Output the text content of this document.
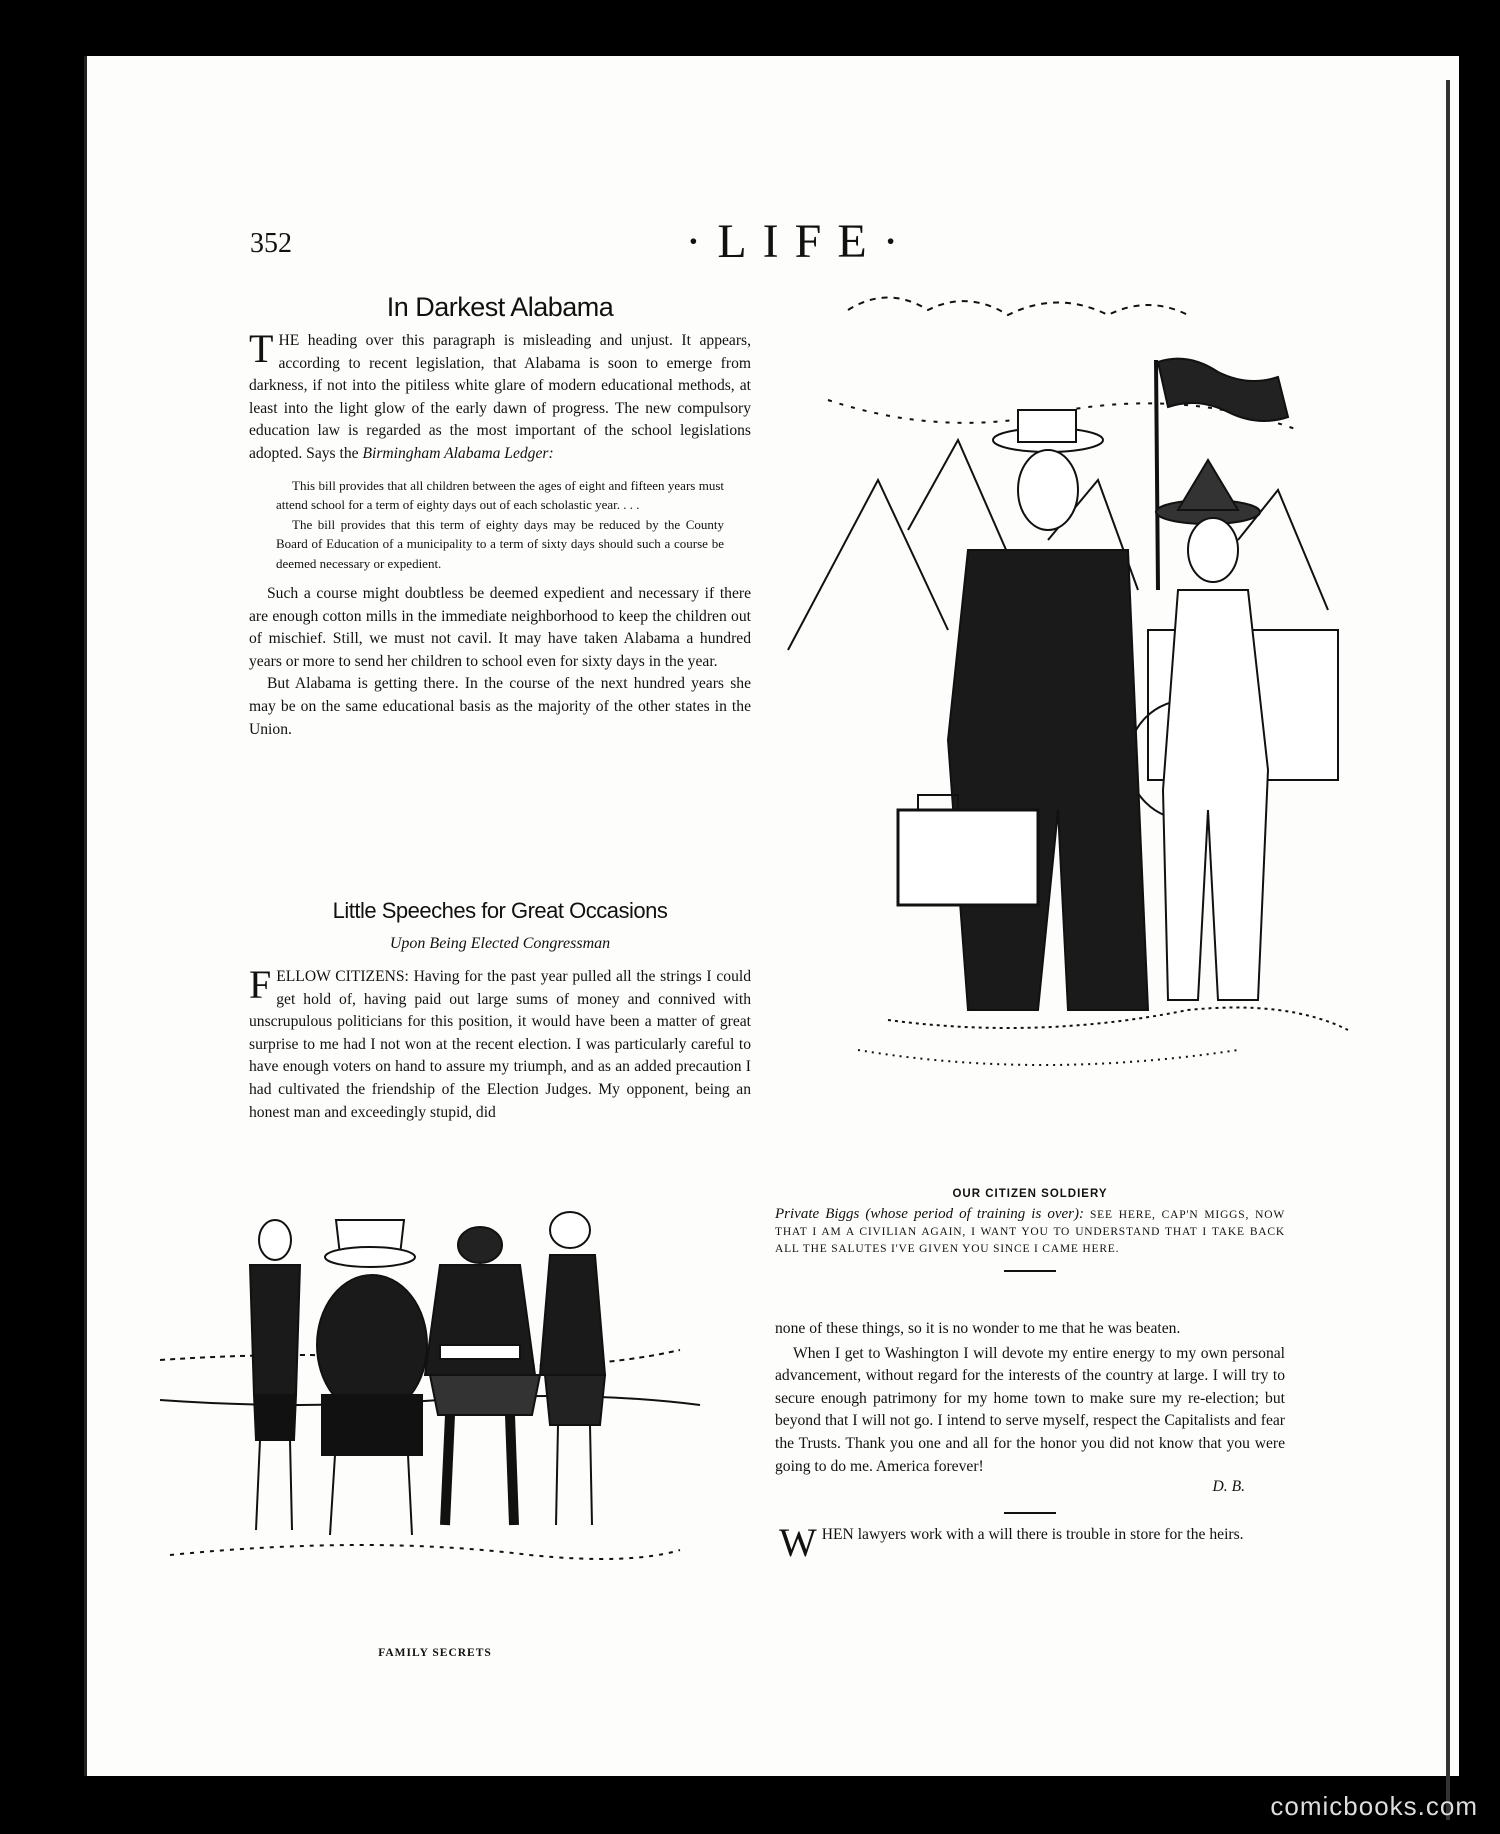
352	·LIFE·
In Darkest Alabama

THE heading over this paragraph is misleading and unjust. It appears, according to recent legislation, that Alabama is soon to emerge from darkness, if not into the pitiless white glare of modern educational methods, at least into the light glow of the early dawn of progress. The new compulsory education law is regarded as the most important of the school legislations adopted. Says the Birmingham Alabama Ledger:

This bill provides that all children between the ages of eight and fifteen years must attend school for a term of eighty days out of each scholastic year. . . .
The bill provides that this term of eighty days may be reduced by the County Board of Education of a municipality to a term of sixty days should such a course be deemed necessary or expedient.

Such a course might doubtless be deemed expedient and necessary if there are enough cotton mills in the immediate neighborhood to keep the children out of mischief. Still, we must not cavil. It may have taken Alabama a hundred years or more to send her children to school even for sixty days in the year.

But Alabama is getting there. In the course of the next hundred years she may be on the same educational basis as the majority of the other states in the Union.

Little Speeches for Great Occasions
Upon Being Elected Congressman

FELLOW CITIZENS: Having for the past year pulled all the strings I could get hold of, having paid out large sums of money and connived with unscrupulous politicians for this position, it would have been a matter of great surprise to me had I not won at the recent election. I was particularly careful to have enough voters on hand to assure my triumph, and as an added precaution I had cultivated the friendship of the Election Judges. My opponent, being an honest man and exceedingly stupid, did

OUR CITIZEN SOLDIERY
Private Biggs (whose period of training is over): SEE HERE, CAP'N MIGGS, NOW THAT I AM A CIVILIAN AGAIN, I WANT YOU TO UNDERSTAND THAT I TAKE BACK ALL THE SALUTES I'VE GIVEN YOU SINCE I CAME HERE.

none of these things, so it is no wonder to me that he was beaten.

When I get to Washington I will devote my entire energy to my own personal advancement, without regard for the interests of the country at large. I will try to secure enough patrimony for my home town to make sure my re-election; but beyond that I will not go. I intend to serve myself, respect the Capitalists and fear the Trusts. Thank you one and all for the honor you did not know that you were going to do me. America forever!

D. B.

WHEN lawyers work with a will there is trouble in store for the heirs.

FAMILY SECRETS
comicbooks.com
